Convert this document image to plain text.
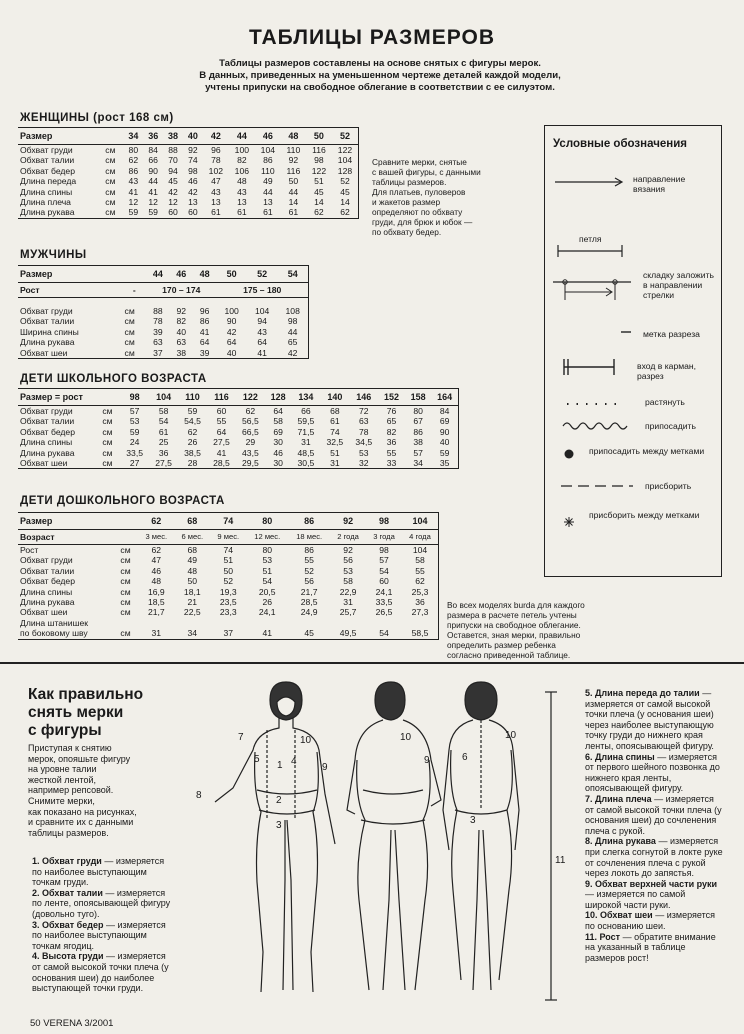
ТАБЛИЦЫ РАЗМЕРОВ
Таблицы размеров составлены на основе снятых с фигуры мерок.
В данных, приведенных на уменьшенном чертеже деталей каждой модели,
учтены припуски на свободное облегание в соответствии с ее силуэтом.
ЖЕНЩИНЫ (рост 168 см)
Размер		34	36	38	40	42	44	46	48	50	52
Обхват груди	см	80	84	88	92	96	100	104	110	116	122
Обхват талии	см	62	66	70	74	78	82	86	92	98	104
Обхват бедер	см	86	90	94	98	102	106	110	116	122	128
Длина переда	см	43	44	45	46	47	48	49	50	51	52
Длина спины	см	41	41	42	42	43	43	44	44	45	45
Длина плеча	см	12	12	12	13	13	13	13	14	14	14
Длина рукава	см	59	59	60	60	61	61	61	61	62	62
Сравните мерки, снятые
с вашей фигуры, с данными
таблицы размеров.
Для платьев, пуловеров
и жакетов размер
определяют по обхвату
груди, для брюк и юбок —
по обхвату бедер.
МУЖЧИНЫ
Размер		44	46	48	50	52	54
Рост	-	170 – 174			175 – 180		

Обхват груди	см	88	92	96	100	104	108
Обхват талии	см	78	82	86	90	94	98
Ширина спины	см	39	40	41	42	43	44
Длина рукава	см	63	63	64	64	64	65
Обхват шеи	см	37	38	39	40	41	42
ДЕТИ ШКОЛЬНОГО ВОЗРАСТА
Размер = рост		98	104	110	116	122	128	134	140	146	152	158	164
Обхват груди	см	57	58	59	60	62	64	66	68	72	76	80	84
Обхват талии	см	53	54	54,5	55	56,5	58	59,5	61	63	65	67	69
Обхват бедер	см	59	61	62	64	66,5	69	71,5	74	78	82	86	90
Длина спины	см	24	25	26	27,5	29	30	31	32,5	34,5	36	38	40
Длина рукава	см	33,5	36	38,5	41	43,5	46	48,5	51	53	55	57	59
Обхват шеи	см	27	27,5	28	28,5	29,5	30	30,5	31	32	33	34	35
ДЕТИ ДОШКОЛЬНОГО ВОЗРАСТА
Размер		62	68	74	80	86	92	98	104
Возраст		3 мес.	6 мес.	9 мес.	12 мес.	18 мес.	2 года	3 года	4 года
Рост	см	62	68	74	80	86	92	98	104
Обхват груди	см	47	49	51	53	55	56	57	58
Обхват талии	см	46	48	50	51	52	53	54	55
Обхват бедер	см	48	50	52	54	56	58	60	62
Длина спины	см	16,9	18,1	19,3	20,5	21,7	22,9	24,1	25,3
Длина рукава	см	18,5	21	23,5	26	28,5	31	33,5	36
Обхват шеи	см	21,7	22,5	23,3	24,1	24,9	25,7	26,5	27,3
Длина штанишек									
по боковому шву	см	31	34	37	41	45	49,5	54	58,5
Во всех моделях burda для каждого
размера в расчете петель учтены
припуски на свободное облегание.
Оставется, зная мерки, правильно
определить размер ребенка
согласно приведенной таблице.
Условные обозначения
направление вязания
петля
складку заложить в направлении стрелки
метка разреза
вход в карман, разрез
растянуть
припосадить
припосадить между метками
присборить
присборить между метками
Как правильно
снять мерки
с фигуры
Приступая к снятию
мерок, опояшьте фигуру
на уровне талии
жесткой лентой,
например репсовой.
Снимите мерки,
как показано на рисунках,
и сравните их с данными
таблицы размеров.
1. Обхват груди — измеряется по наиболее выступающим точкам груди.
2. Обхват талии — измеряется по ленте, опоясывающей фигуру (довольно туго).
3. Обхват бедер — измеряется по наиболее выступающим точкам ягодиц.
4. Высота груди — измеряется от самой высокой точки плеча (у основания шеи) до наиболее выступающей точки груди.
5. Длина переда до талии — измеряется от самой высокой точки плеча (у основания шеи) через наиболее выступающую точку груди до нижнего края ленты, опоясывающей фигуру.
6. Длина спины — измеряется от первого шейного позвонка до нижнего края ленты, опоясывающей фигуру.
7. Длина плеча — измеряется от самой высокой точки плеча (у основания шеи) до сочленения плеча с рукой.
8. Длина рукава — измеряется при слегка согнутой в локте руке от сочленения плеча с рукой через локоть до запястья.
9. Обхват верхней части руки — измеряется по самой широкой части руки.
10. Обхват шеи — измеряется по основанию шеи.
11. Рост — обратите внимание на указанный в таблице размеров рост!
7	10
5
1 4
9
8	2
3
10
9
10
6
3
11
50 VERENA 3/2001
